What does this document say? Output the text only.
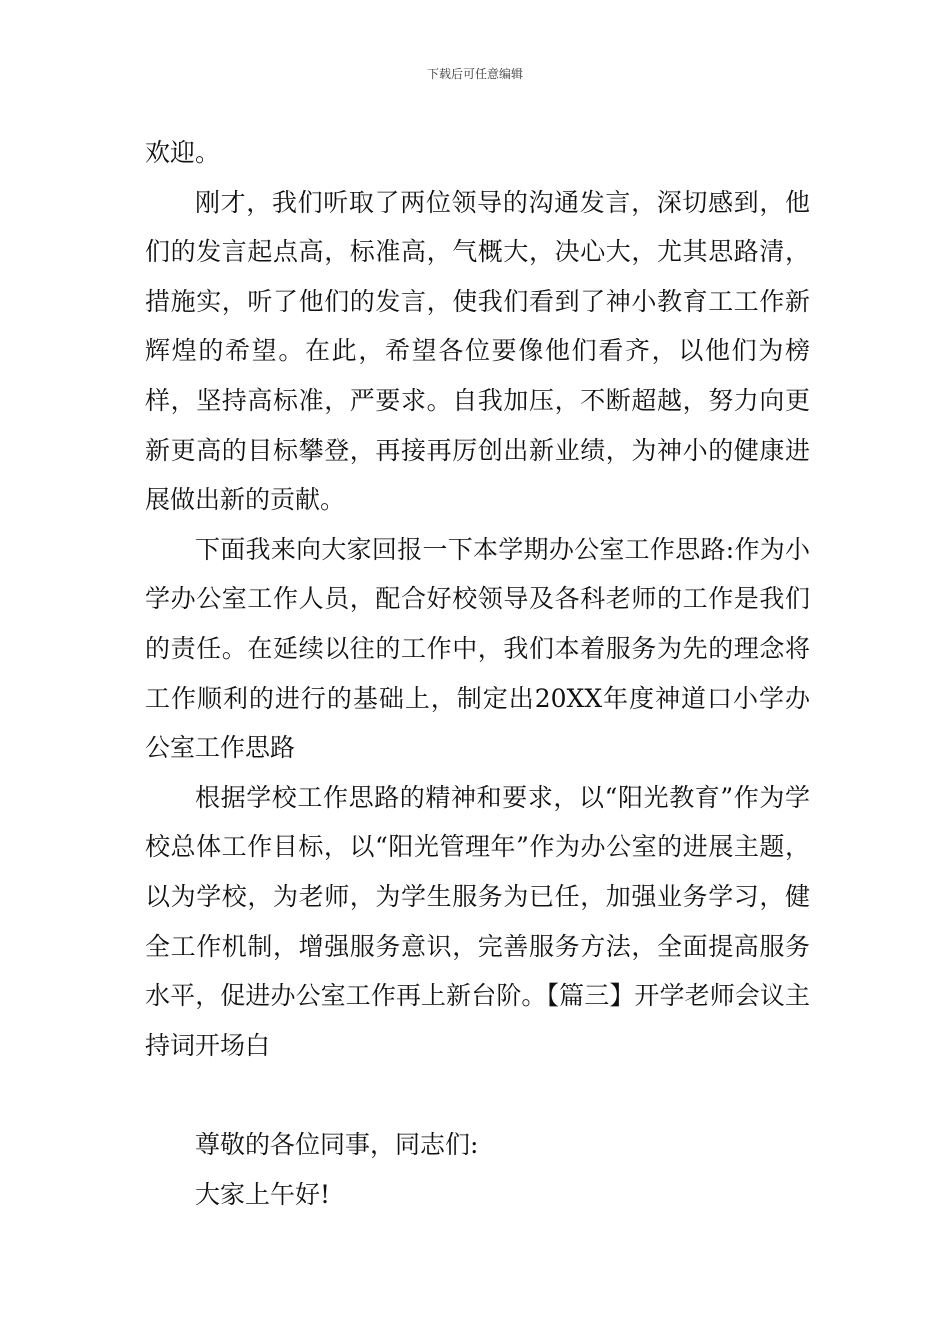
下载后可任意编辑

欢迎。

刚才，我们听取了两位领导的沟通发言，深切感到，他们的发言起点高，标准高，气概大，决心大，尤其思路清，措施实，听了他们的发言，使我们看到了神小教育工工作新辉煌的希望。在此，希望各位要像他们看齐，以他们为榜样，坚持高标准，严要求。自我加压，不断超越，努力向更新更高的目标攀登，再接再厉创出新业绩，为神小的健康进展做出新的贡献。

下面我来向大家回报一下本学期办公室工作思路:作为小学办公室工作人员，配合好校领导及各科老师的工作是我们的责任。在延续以往的工作中，我们本着服务为先的理念将工作顺利的进行的基础上，制定出20XX年度神道口小学办公室工作思路

根据学校工作思路的精神和要求，以“阳光教育”作为学校总体工作目标，以“阳光管理年”作为办公室的进展主题，以为学校，为老师，为学生服务为已任，加强业务学习，健全工作机制，增强服务意识，完善服务方法，全面提高服务水平，促进办公室工作再上新台阶。【篇三】开学老师会议主持词开场白

尊敬的各位同事，同志们:

大家上午好!
